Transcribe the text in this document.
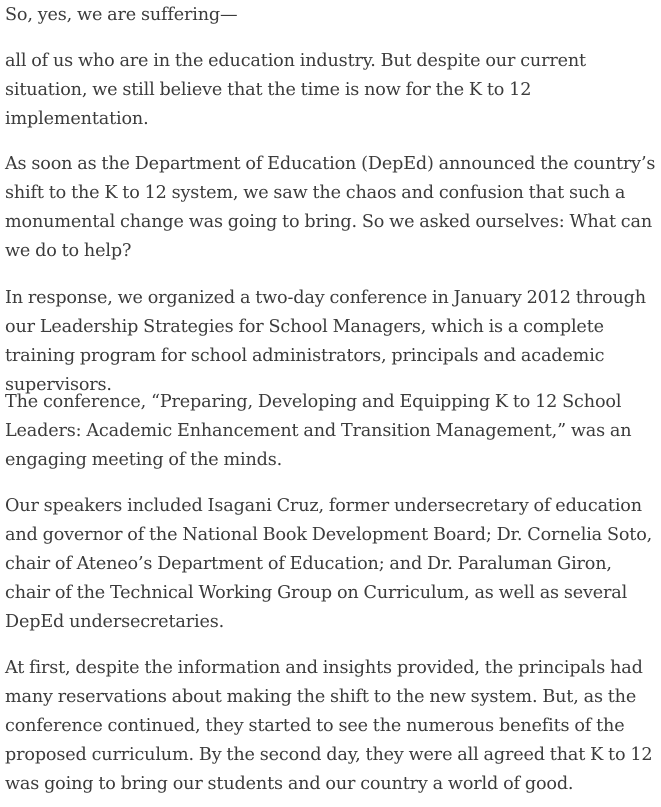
So, yes, we are suffering—

all of us who are in the education industry. But despite our current situation, we still believe that the time is now for the K to 12 implementation.

As soon as the Department of Education (DepEd) announced the country’s shift to the K to 12 system, we saw the chaos and confusion that such a monumental change was going to bring. So we asked ourselves: What can we do to help?

In response, we organized a two-day conference in January 2012 through our Leadership Strategies for School Managers, which is a complete training program for school administrators, principals and academic supervisors.

The conference, “Preparing, Developing and Equipping K to 12 School Leaders: Academic Enhancement and Transition Management,” was an engaging meeting of the minds.

Our speakers included Isagani Cruz, former undersecretary of education and governor of the National Book Development Board; Dr. Cornelia Soto, chair of Ateneo’s Department of Education; and Dr. Paraluman Giron, chair of the Technical Working Group on Curriculum, as well as several DepEd undersecretaries.

At first, despite the information and insights provided, the principals had many reservations about making the shift to the new system. But, as the conference continued, they started to see the numerous benefits of the proposed curriculum. By the second day, they were all agreed that K to 12 was going to bring our students and our country a world of good.
